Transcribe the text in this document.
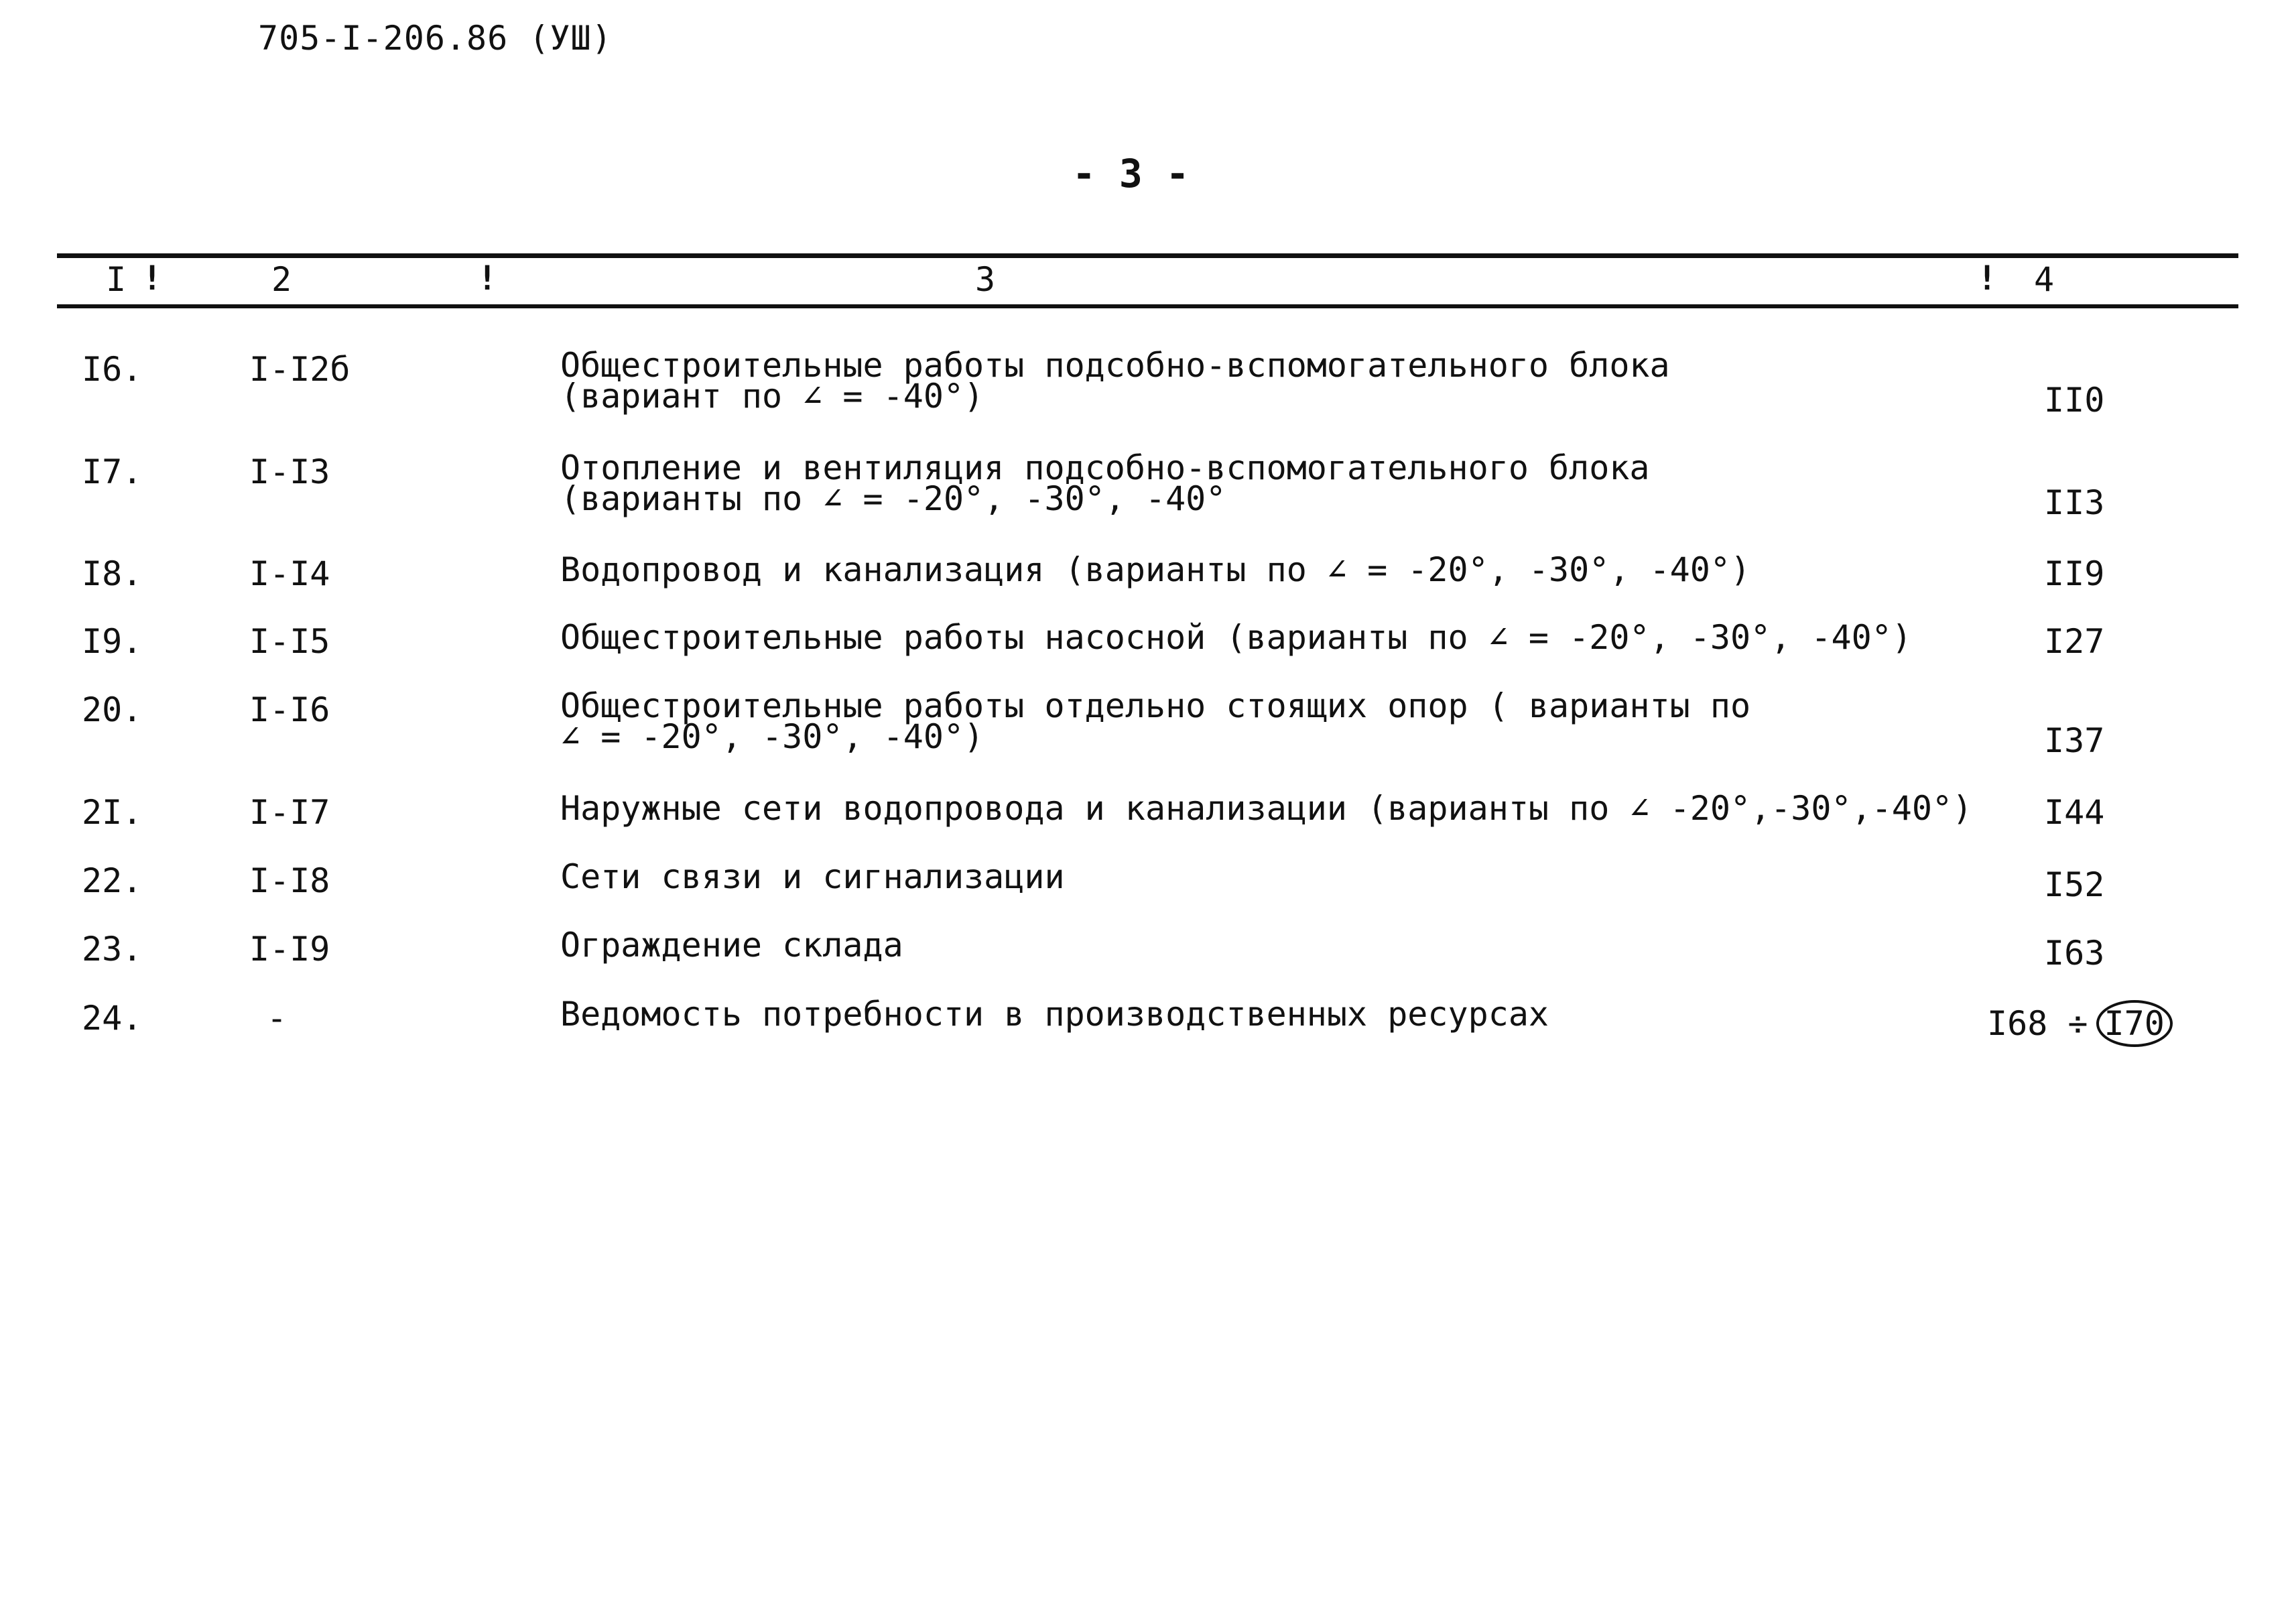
705-I-206.86 (УШ)
- 3 -
I !	2	!	3	! 4
I6.	I-I2б	Общестроительные работы подсобно-вспомогательного блока
(вариант по ∠ = -40°)	II0
I7.	I-I3	Отопление и вентиляция подсобно-вспомогательного блока
(варианты по ∠ = -20°, -30°, -40°	II3
I8.	I-I4	Водопровод и канализация (варианты по ∠ = -20°, -30°, -40°)	II9
I9.	I-I5	Общестроительные работы насосной (варианты по ∠ = -20°, -30°, -40°)	I27
20.	I-I6	Общестроительные работы отдельно стоящих опор ( варианты по
∠ = -20°, -30°, -40°)	I37
2I.	I-I7	Наружные сети водопровода и канализации (варианты по ∠ -20°,-30°,-40°)	I44
22.	I-I8	Сети связи и сигнализации	I52
23.	I-I9	Ограждение склада	I63
24.	-	Ведомость потребности в производственных ресурсах	I68 ÷ I70
